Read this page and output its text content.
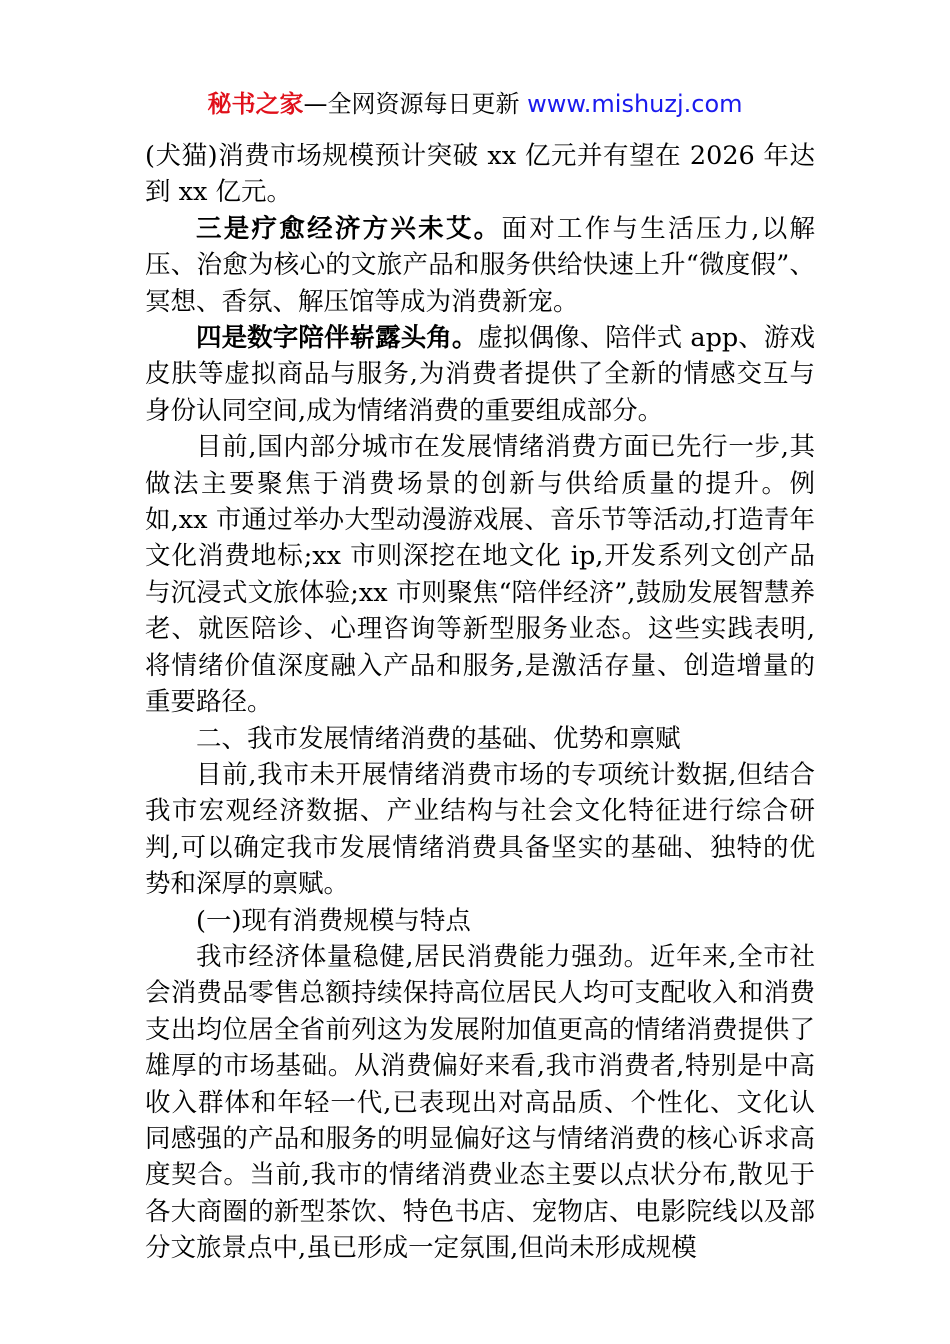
秘书之家—全网资源每日更新 www.mishuzj.com

(犬猫)消费市场规模预计突破 xx 亿元并有望在 2026 年达到 xx 亿元。

三是疗愈经济方兴未艾。面对工作与生活压力,以解压、治愈为核心的文旅产品和服务供给快速上升“微度假”、冥想、香氛、解压馆等成为消费新宠。

四是数字陪伴崭露头角。虚拟偶像、陪伴式 app、游戏皮肤等虚拟商品与服务,为消费者提供了全新的情感交互与身份认同空间,成为情绪消费的重要组成部分。

目前,国内部分城市在发展情绪消费方面已先行一步,其做法主要聚焦于消费场景的创新与供给质量的提升。例如,xx 市通过举办大型动漫游戏展、音乐节等活动,打造青年文化消费地标;xx 市则深挖在地文化 ip,开发系列文创产品与沉浸式文旅体验;xx 市则聚焦“陪伴经济”,鼓励发展智慧养老、就医陪诊、心理咨询等新型服务业态。这些实践表明,将情绪价值深度融入产品和服务,是激活存量、创造增量的重要路径。

二、我市发展情绪消费的基础、优势和禀赋

目前,我市未开展情绪消费市场的专项统计数据,但结合我市宏观经济数据、产业结构与社会文化特征进行综合研判,可以确定我市发展情绪消费具备坚实的基础、独特的优势和深厚的禀赋。

(一)现有消费规模与特点

我市经济体量稳健,居民消费能力强劲。近年来,全市社会消费品零售总额持续保持高位居民人均可支配收入和消费支出均位居全省前列这为发展附加值更高的情绪消费提供了雄厚的市场基础。从消费偏好来看,我市消费者,特别是中高收入群体和年轻一代,已表现出对高品质、个性化、文化认同感强的产品和服务的明显偏好这与情绪消费的核心诉求高度契合。当前,我市的情绪消费业态主要以点状分布,散见于各大商圈的新型茶饮、特色书店、宠物店、电影院线以及部分文旅景点中,虽已形成一定氛围,但尚未形成规模
